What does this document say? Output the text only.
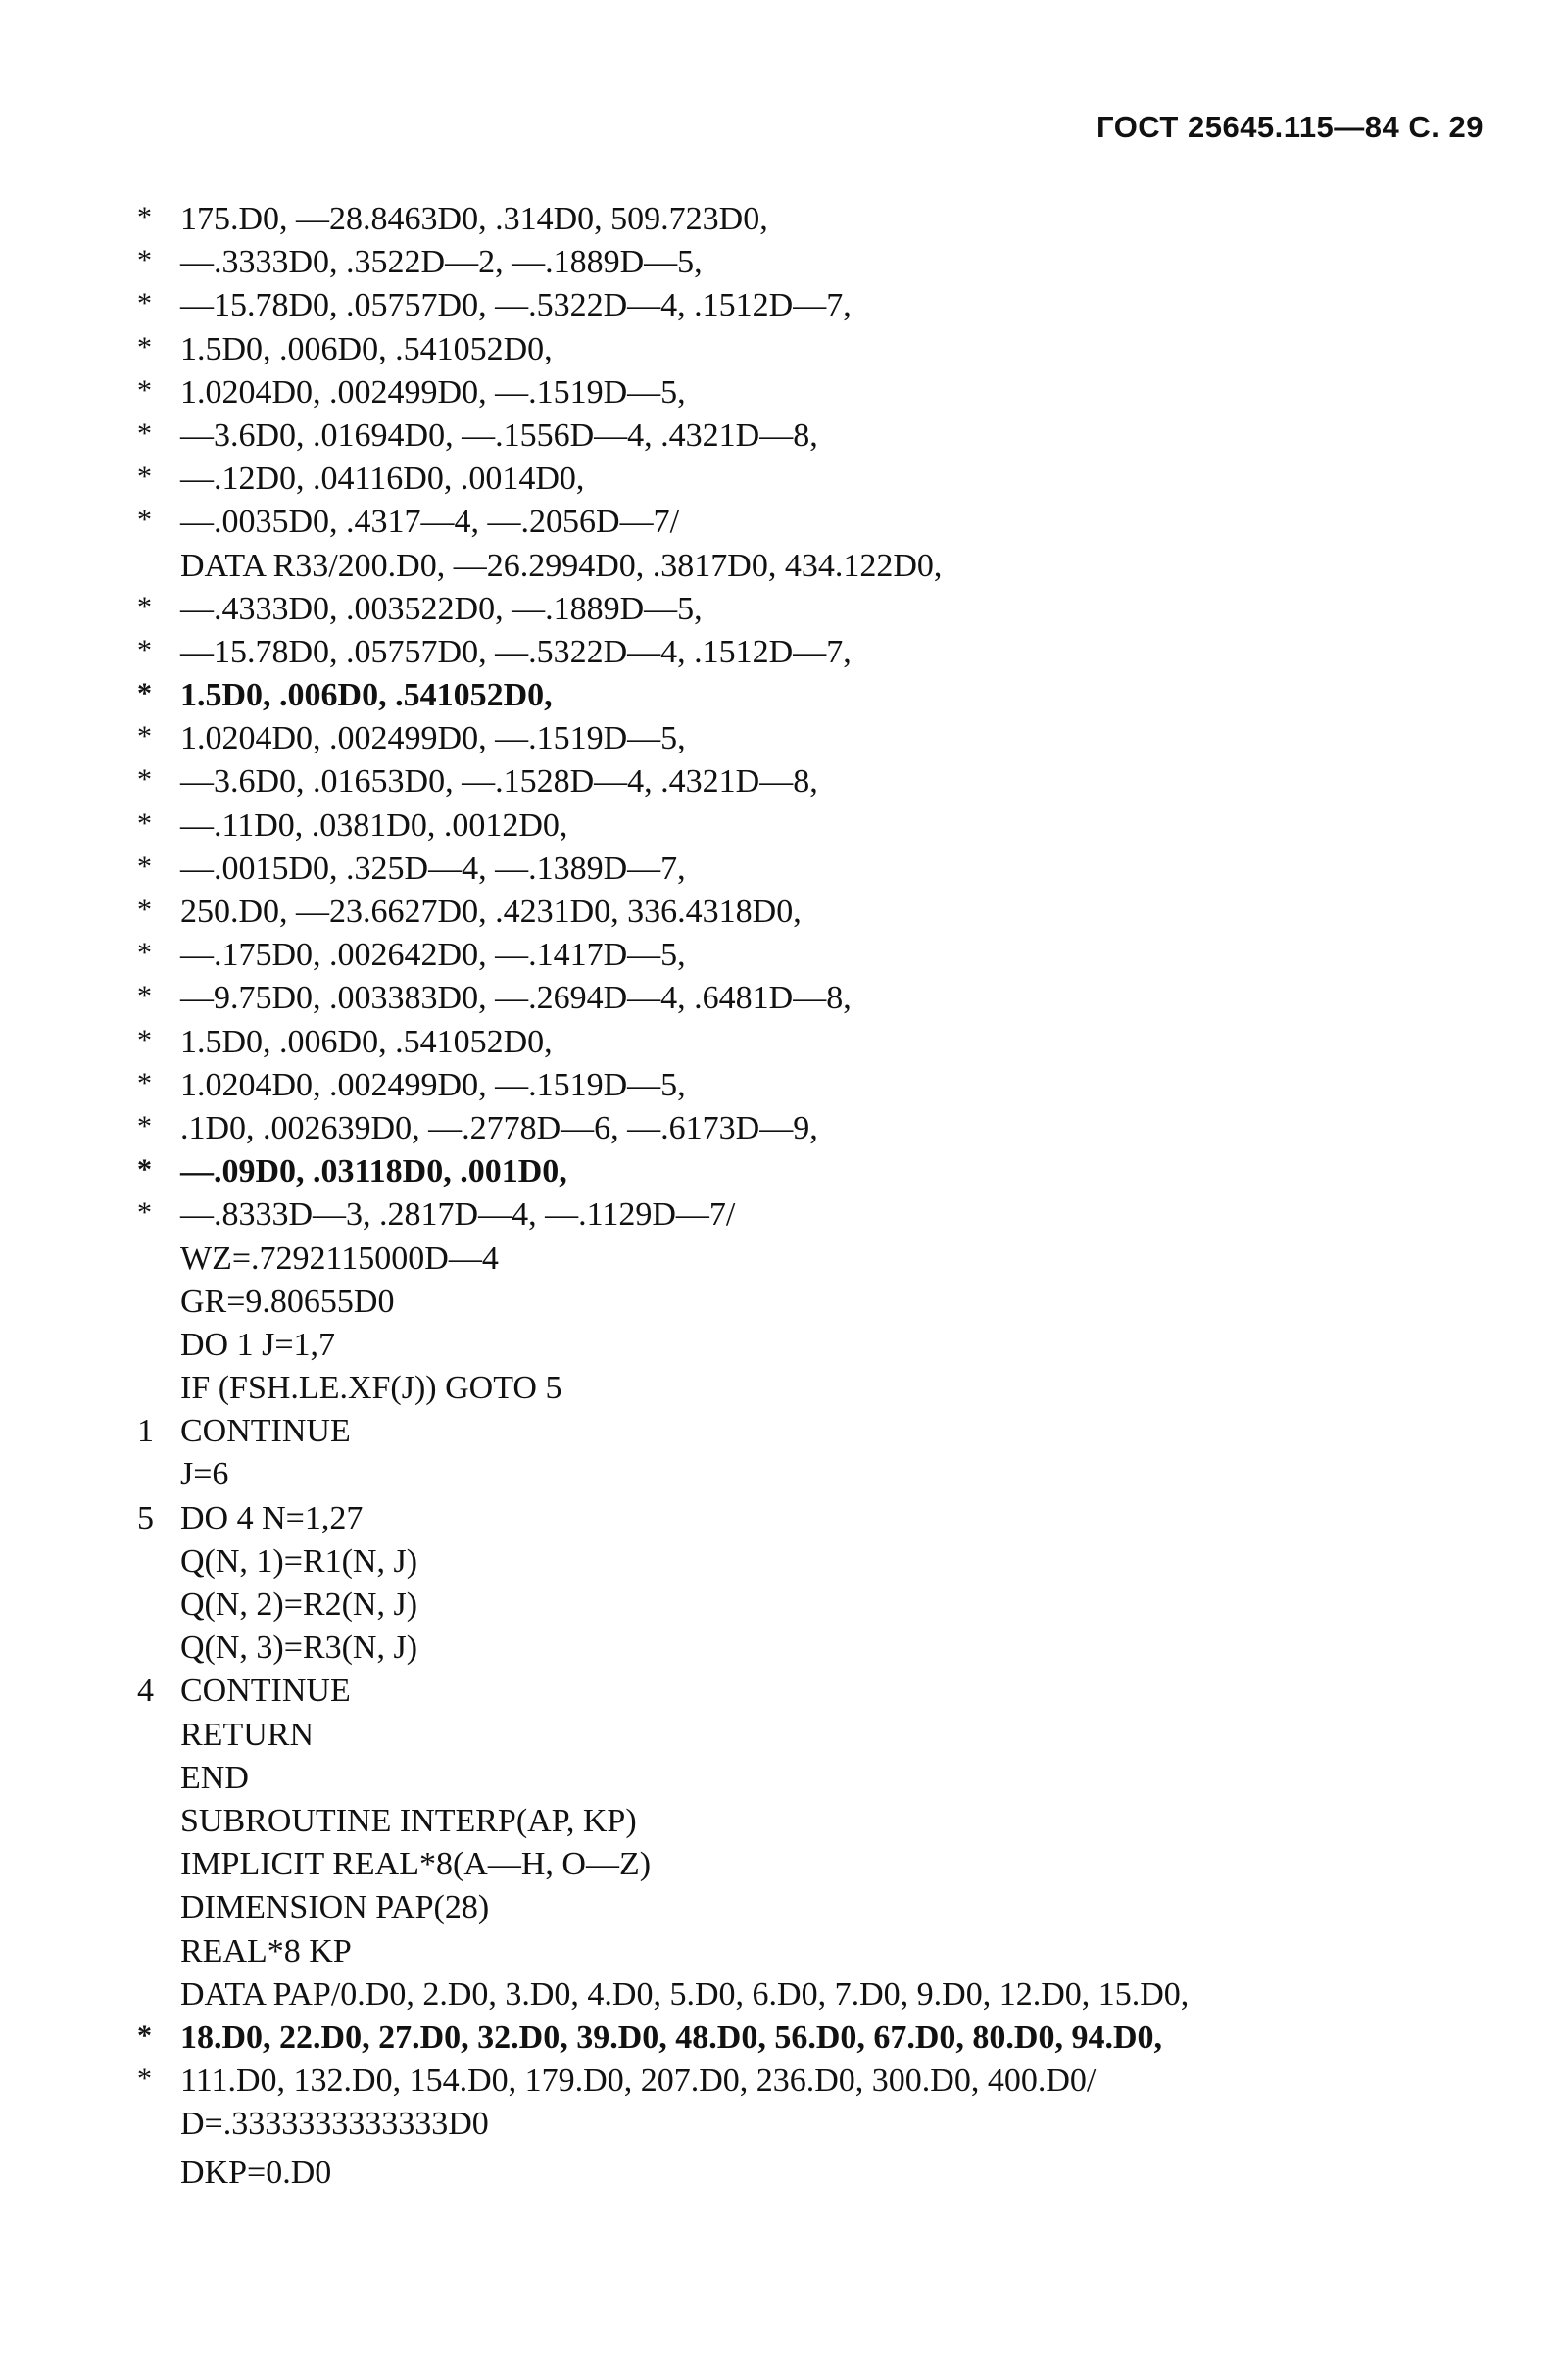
ГОСТ 25645.115—84 С. 29
* 175.D0, —28.8463D0, .314D0, 509.723D0,
* —.3333D0, .3522D—2, —.1889D—5,
* —15.78D0, .05757D0, —.5322D—4, .1512D—7,
* 1.5D0, .006D0, .541052D0,
* 1.0204D0, .002499D0, —.1519D—5,
* —3.6D0, .01694D0, —.1556D—4, .4321D—8,
* —.12D0, .04116D0, .0014D0,
* —.0035D0, .4317—4, —.2056D—7/
DATA R33/200.D0, —26.2994D0, .3817D0, 434.122D0,
* —.4333D0, .003522D0, —.1889D—5,
* —15.78D0, .05757D0, —.5322D—4, .1512D—7,
* 1.5D0, .006D0, .541052D0,
* 1.0204D0, .002499D0, —.1519D—5,
* —3.6D0, .01653D0, —.1528D—4, .4321D—8,
* —.11D0, .0381D0, .0012D0,
* —.0015D0, .325D—4, —.1389D—7,
* 250.D0, —23.6627D0, .4231D0, 336.4318D0,
* —.175D0, .002642D0, —.1417D—5,
* —9.75D0, .003383D0, —.2694D—4, .6481D—8,
* 1.5D0, .006D0, .541052D0,
* 1.0204D0, .002499D0, —.1519D—5,
* .1D0, .002639D0, —.2778D—6, —.6173D—9,
* —.09D0, .03118D0, .001D0,
* —.8333D—3, .2817D—4, —.1129D—7/
WZ=.7292115000D—4
GR=9.80655D0
DO 1 J=1,7
IF (FSH.LE.XF(J)) GOTO 5
1 CONTINUE
J=6
5 DO 4 N=1,27
Q(N, 1)=R1(N, J)
Q(N, 2)=R2(N, J)
Q(N, 3)=R3(N, J)
4 CONTINUE
RETURN
END
SUBROUTINE INTERP(AP, KP)
IMPLICIT REAL*8(A—H, O—Z)
DIMENSION PAP(28)
REAL*8 KP
DATA PAP/0.D0, 2.D0, 3.D0, 4.D0, 5.D0, 6.D0, 7.D0, 9.D0, 12.D0, 15.D0,
* 18.D0, 22.D0, 27.D0, 32.D0, 39.D0, 48.D0, 56.D0, 67.D0, 80.D0, 94.D0,
* 111.D0, 132.D0, 154.D0, 179.D0, 207.D0, 236.D0, 300.D0, 400.D0/
D=.3333333333333D0
DKP=0.D0
